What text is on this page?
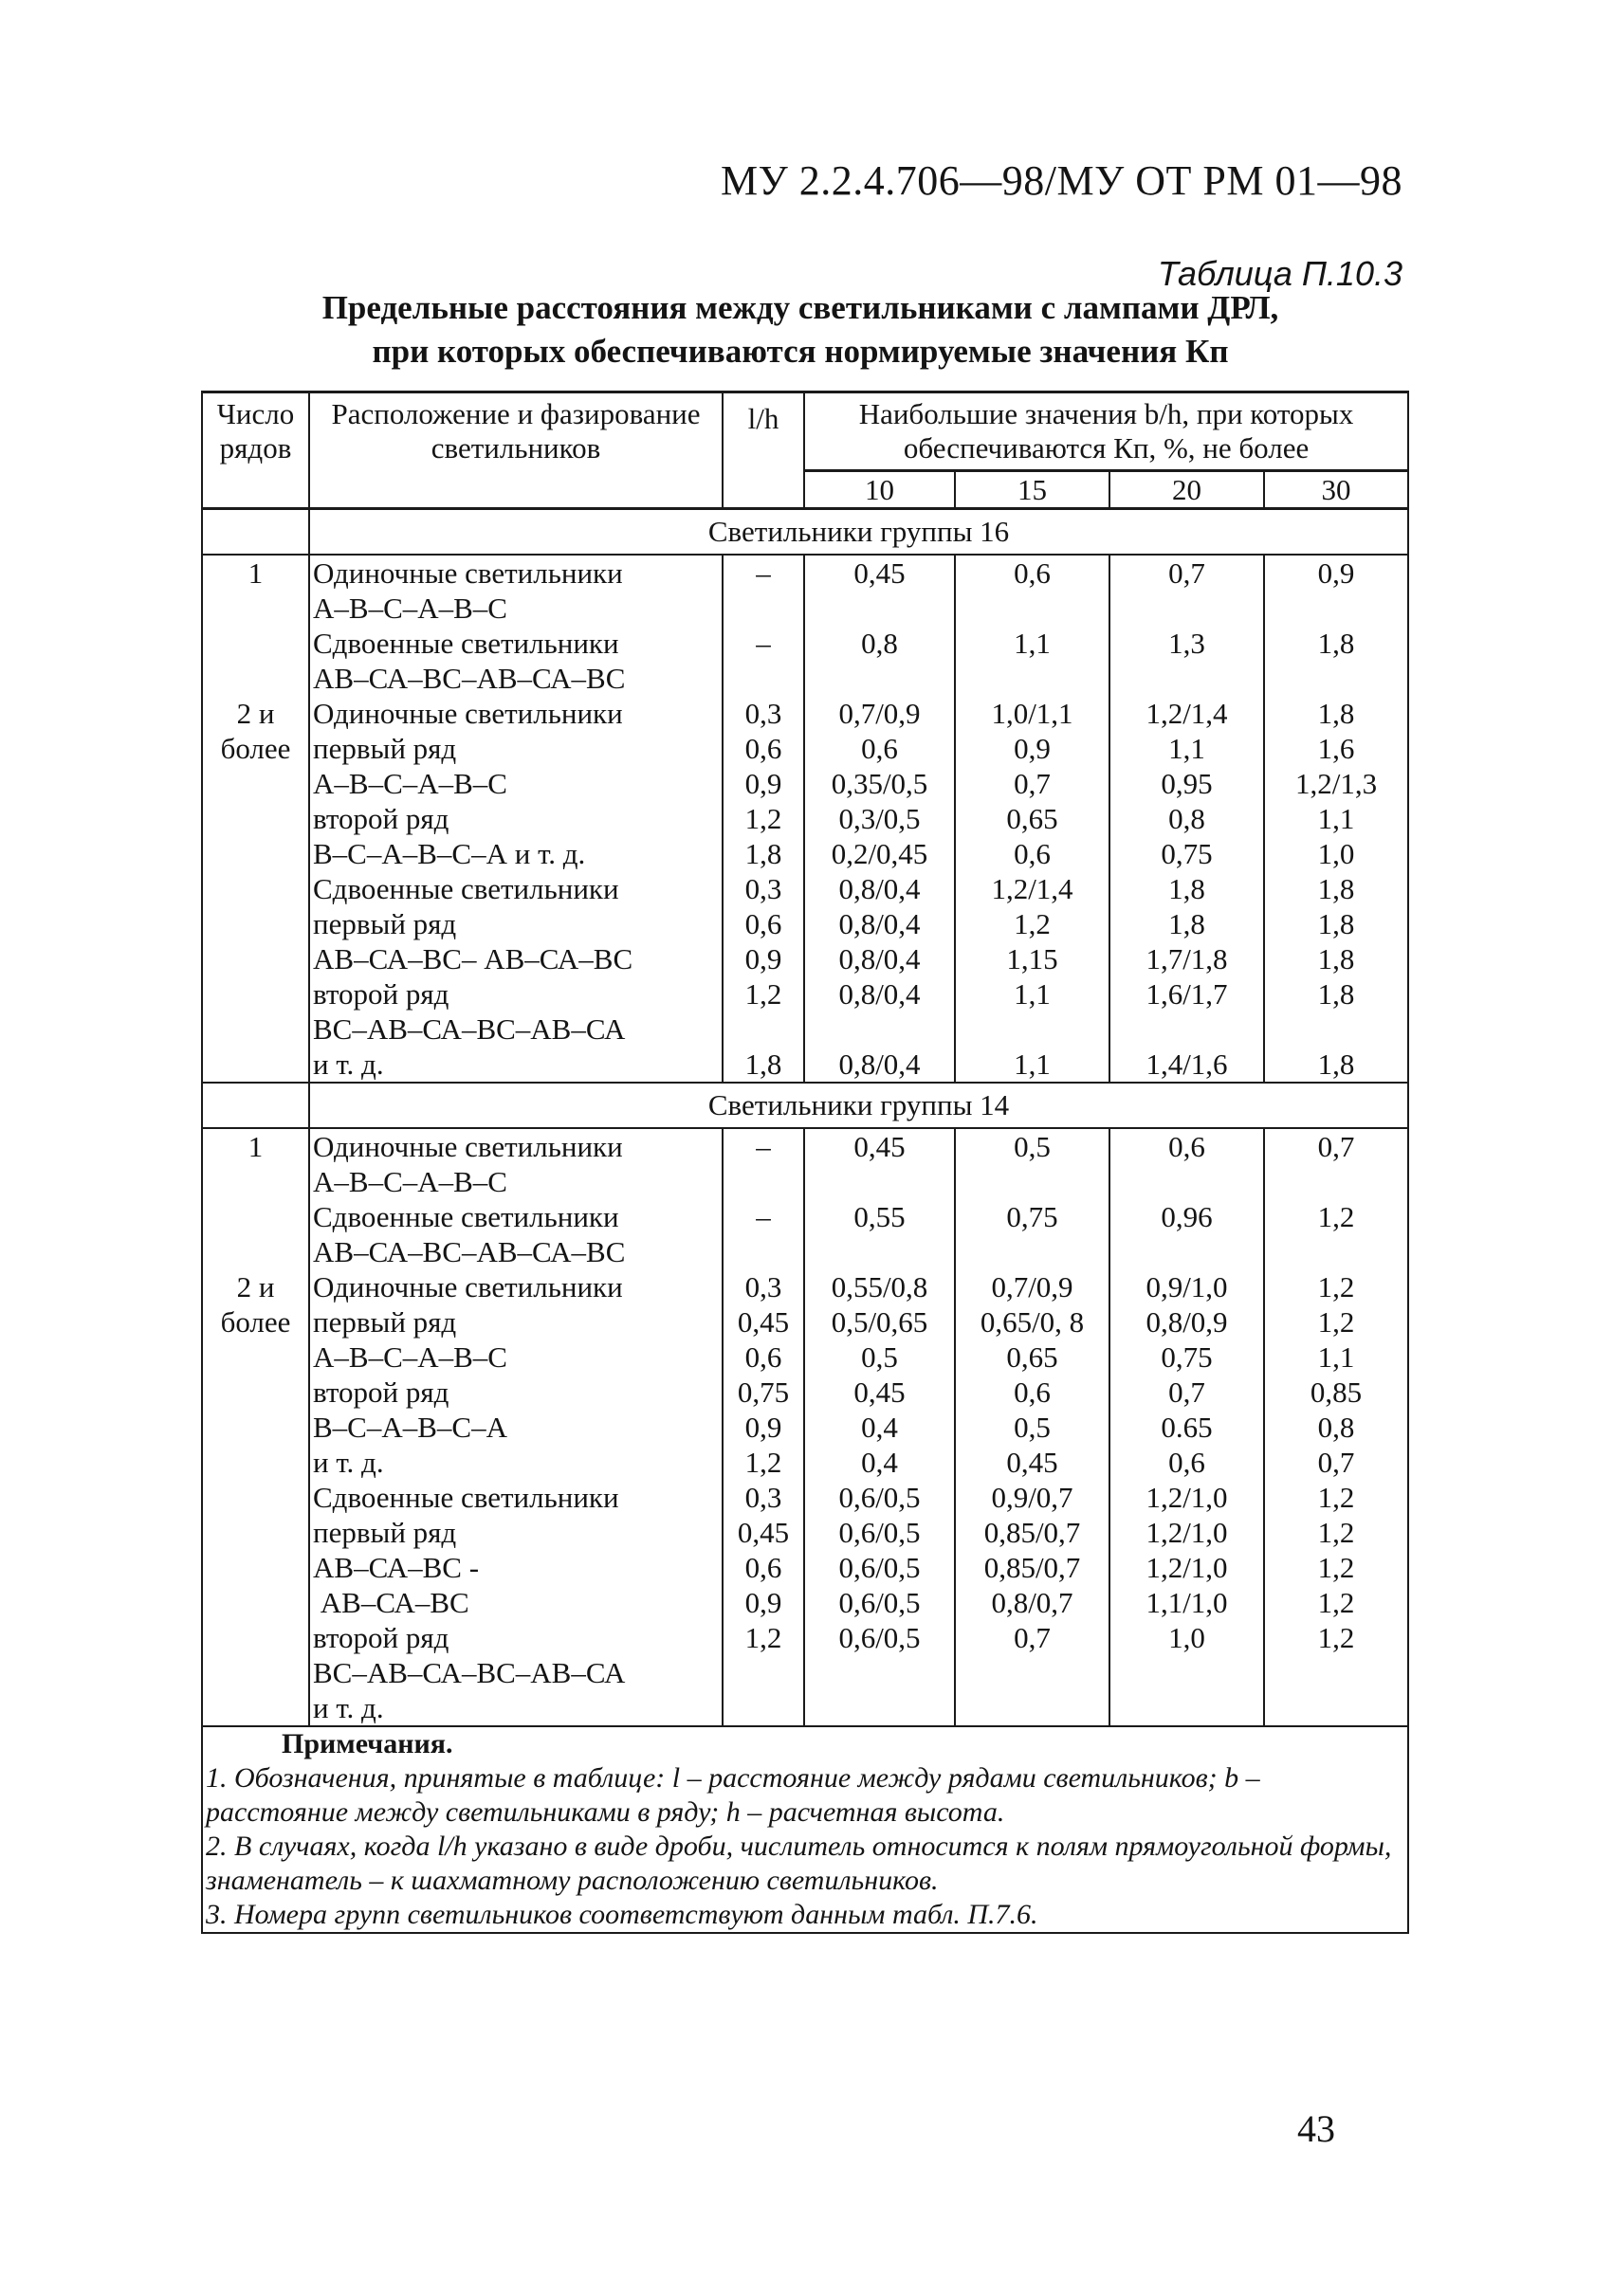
МУ 2.2.4.706—98/МУ ОТ РМ 01—98
Таблица П.10.3
Предельные расстояния между светильниками с лампами ДРЛ,
при которых обеспечиваются нормируемые значения Кп
Число рядов	Расположение и фазирование светильников	l/h	Наибольшие значения b/h, при которых обеспечиваются Кп, %, не более			
			10	15	20	30
	Светильники группы 16					
1	Одиночные светильники	–	0,45	0,6	0,7	0,9
	А–В–С–А–В–С					
	Сдвоенные светильники	–	0,8	1,1	1,3	1,8
	АВ–СА–ВС–АВ–СА–ВС					
2 и	Одиночные светильники	0,3	0,7/0,9	1,0/1,1	1,2/1,4	1,8
более	первый ряд	0,6	0,6	0,9	1,1	1,6
	А–В–С–А–В–С	0,9	0,35/0,5	0,7	0,95	1,2/1,3
	второй ряд	1,2	0,3/0,5	0,65	0,8	1,1
	В–С–А–В–С–А и т. д.	1,8	0,2/0,45	0,6	0,75	1,0
	Сдвоенные светильники	0,3	0,8/0,4	1,2/1,4	1,8	1,8
	первый ряд	0,6	0,8/0,4	1,2	1,8	1,8
	АВ–СА–ВС– АВ–СА–ВС	0,9	0,8/0,4	1,15	1,7/1,8	1,8
	второй ряд	1,2	0,8/0,4	1,1	1,6/1,7	1,8
	ВС–АВ–СА–ВС–АВ–СА					
	и т. д.	1,8	0,8/0,4	1,1	1,4/1,6	1,8
	Светильники группы 14					
1	Одиночные светильники	–	0,45	0,5	0,6	0,7
	А–В–С–А–В–С					
	Сдвоенные светильники	–	0,55	0,75	0,96	1,2
	АВ–СА–ВС–АВ–СА–ВС					
2 и	Одиночные светильники	0,3	0,55/0,8	0,7/0,9	0,9/1,0	1,2
более	первый ряд	0,45	0,5/0,65	0,65/0, 8	0,8/0,9	1,2
	А–В–С–А–В–С	0,6	0,5	0,65	0,75	1,1
	второй ряд	0,75	0,45	0,6	0,7	0,85
	В–С–А–В–С–А	0,9	0,4	0,5	0.65	0,8
	и т. д.	1,2	0,4	0,45	0,6	0,7
	Сдвоенные светильники	0,3	0,6/0,5	0,9/0,7	1,2/1,0	1,2
	первый ряд	0,45	0,6/0,5	0,85/0,7	1,2/1,0	1,2
	АВ–СА–ВС -	0,6	0,6/0,5	0,85/0,7	1,2/1,0	1,2
	АВ–СА–ВС	0,9	0,6/0,5	0,8/0,7	1,1/1,0	1,2
	второй ряд	1,2	0,6/0,5	0,7	1,0	1,2
	ВС–АВ–СА–ВС–АВ–СА					
	и т. д.					

Примечания.
1. Обозначения, принятые в таблице: l – расстояние между рядами светильников; b – расстояние между светильниками в ряду; h – расчетная высота.
2. В случаях, когда l/h указано в виде дроби, числитель относится к полям прямоугольной формы, знаменатель – к шахматному расположению светильников.
3. Номера групп светильников соответствуют данным табл. П.7.6.						
43
